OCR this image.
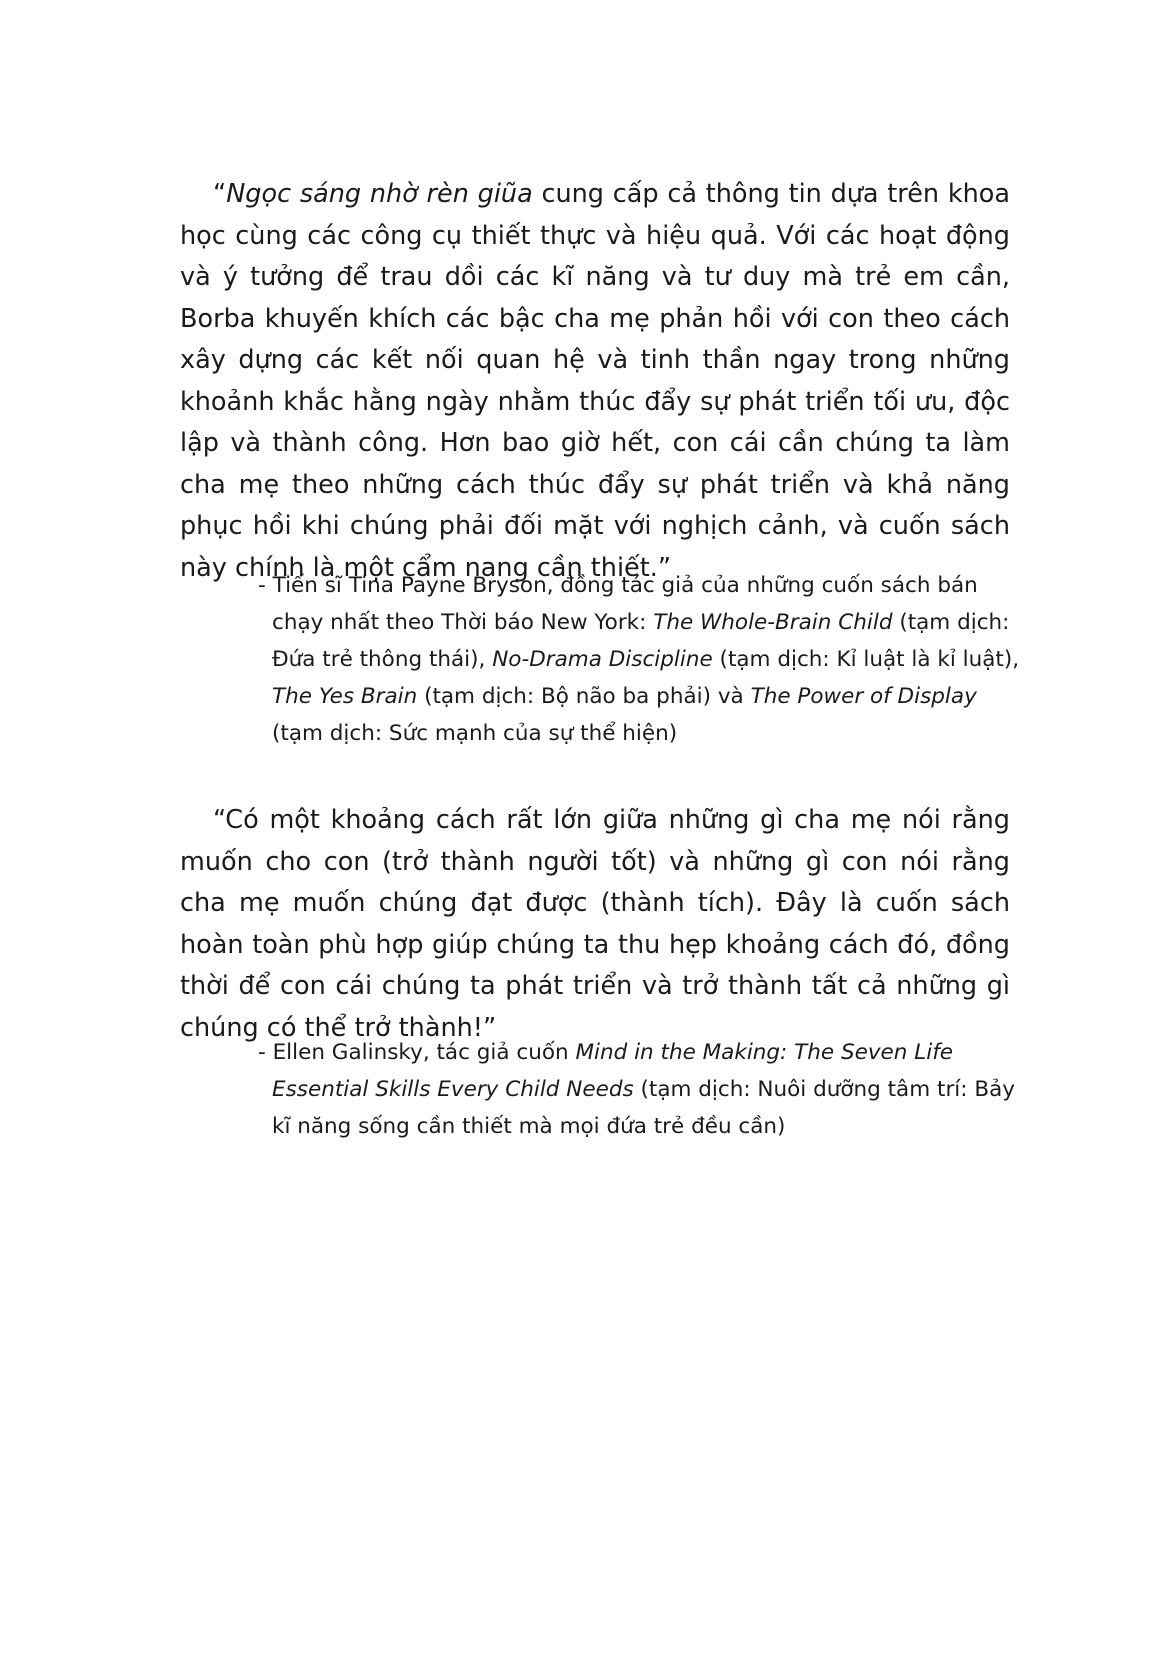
“Ngọc sáng nhờ rèn giũa cung cấp cả thông tin dựa trên khoa học cùng các công cụ thiết thực và hiệu quả. Với các hoạt động và ý tưởng để trau dồi các kĩ năng và tư duy mà trẻ em cần, Borba khuyến khích các bậc cha mẹ phản hồi với con theo cách xây dựng các kết nối quan hệ và tinh thần ngay trong những khoảnh khắc hằng ngày nhằm thúc đẩy sự phát triển tối ưu, độc lập và thành công. Hơn bao giờ hết, con cái cần chúng ta làm cha mẹ theo những cách thúc đẩy sự phát triển và khả năng phục hồi khi chúng phải đối mặt với nghịch cảnh, và cuốn sách này chính là một cẩm nang cần thiết.”

- Tiến sĩ Tina Payne Bryson, đồng tác giả của những cuốn sách bán chạy nhất theo Thời báo New York: The Whole-Brain Child (tạm dịch: Đứa trẻ thông thái), No-Drama Discipline (tạm dịch: Kỉ luật là kỉ luật), The Yes Brain (tạm dịch: Bộ não ba phải) và The Power of Display (tạm dịch: Sức mạnh của sự thể hiện)

“Có một khoảng cách rất lớn giữa những gì cha mẹ nói rằng muốn cho con (trở thành người tốt) và những gì con nói rằng cha mẹ muốn chúng đạt được (thành tích). Đây là cuốn sách hoàn toàn phù hợp giúp chúng ta thu hẹp khoảng cách đó, đồng thời để con cái chúng ta phát triển và trở thành tất cả những gì chúng có thể trở thành!”

- Ellen Galinsky, tác giả cuốn Mind in the Making: The Seven Life Essential Skills Every Child Needs (tạm dịch: Nuôi dưỡng tâm trí: Bảy kĩ năng sống cần thiết mà mọi đứa trẻ đều cần)
